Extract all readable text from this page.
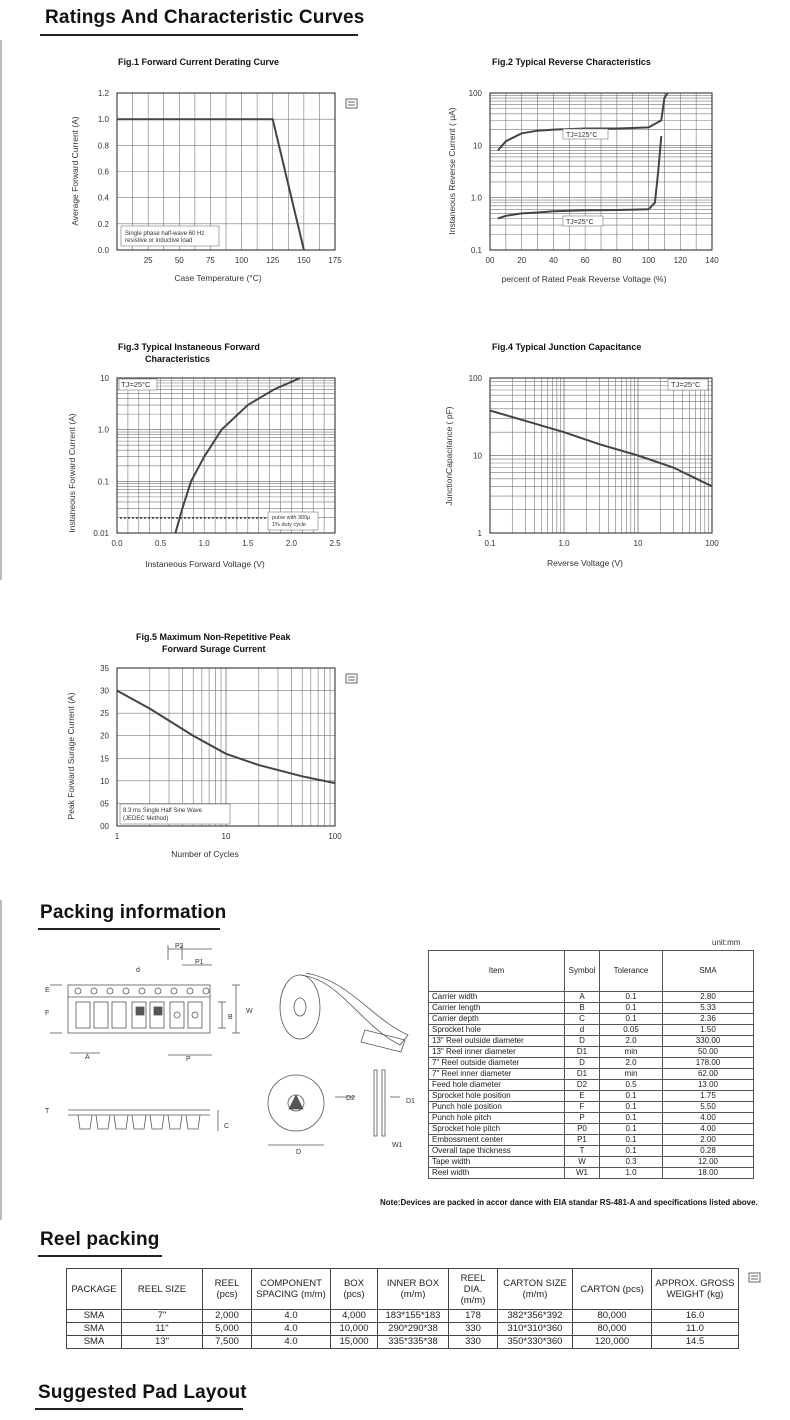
Ratings And Characteristic Curves
Fig.1 Forward Current Derating Curve	Fig.2 Typical Reverse Characteristics
Fig.3 Typical Instaneous Forward
Characteristics
Fig.4 Typical Junction Capacitance
Fig.5 Maximum Non-Repetitive Peak
Forward Surage Current
1.2
1.0
0.8
0.6
0.4
0.2
0.0
25	50	75	100 125 150 175
Average Forward Current (A)
Case Temperature (°C)
100
10
1.0
0.1
00	20	40	60	80	100 120 140
Instaneous Reverse Current ( μA)
percent of Rated Peak Reverse Voltage (%)
10
1.0
0.1
0.01
0.0	0.5	1.0	1.5	2.0	2.5
Instaneous Forward Current (A)
Instaneous Forward Voltage (V)
100
10
1
0.1	1.0	10	100
JunctionCapacitance ( pF)
Reverse Voltage (V)
35
30
25
20
15
10
05
00
1	10	100
Peak Forward Surage Current (A)
Number of Cycles
Single phase half-wave 60 Hz
resistive or inductive load
TJ=125°C
TJ=25°C
TJ=25°C
pulse with 300μ
1% duty cycle
TJ=25°C
8.3 ms Single Half Sine Wave
(JEDEC Method)
Packing information
P2
P1
d
E
F	W
B
A	P
T
C
D2	D1
D
W1
unit:mm
Item	Symbol	Tolerance	SMA
Carrier width	A	0.1	2.80
Carrier length	B	0.1	5.33
Carrier depth	C	0.1	2.36
Sprocket hole	d	0.05	1.50
13" Reel outside diameter	D	2.0	330.00
13" Reel inner diameter	D1	min	50.00
7" Reel outside diameter	D	2.0	178.00
7" Reel inner diameter	D1	min	62.00
Feed hole diameter	D2	0.5	13.00
Sprocket hole position	E	0.1	1.75
Punch hole position	F	0.1	5.50
Punch hole pitch	P	0.1	4.00
Sprocket hole pitch	P0	0.1	4.00
Embossment center	P1	0.1	2.00
Overall tape thickness	T	0.1	0.28
Tape width	W	0.3	12.00
Reel width	W1	1.0	18.00
Note:Devices are packed in accor dance with EIA standar RS-481-A and specifications listed above.
Reel packing
PACKAGE	REEL SIZE	REEL (pcs)	COMPONENT SPACING (m/m)	BOX (pcs)	INNER BOX (m/m)	REEL DIA. (m/m)	CARTON SIZE (m/m)	CARTON (pcs)	APPROX. GROSS WEIGHT (kg)
SMA	7"	2,000	4.0	4,000	183*155*183	178	382*356*392	80,000	16.0
SMA	11"	5,000	4.0	10,000	290*290*38	330	310*310*360	80,000	11.0
SMA	13"	7,500	4.0	15,000	335*335*38	330	350*330*360	120,000	14.5
Suggested Pad Layout
